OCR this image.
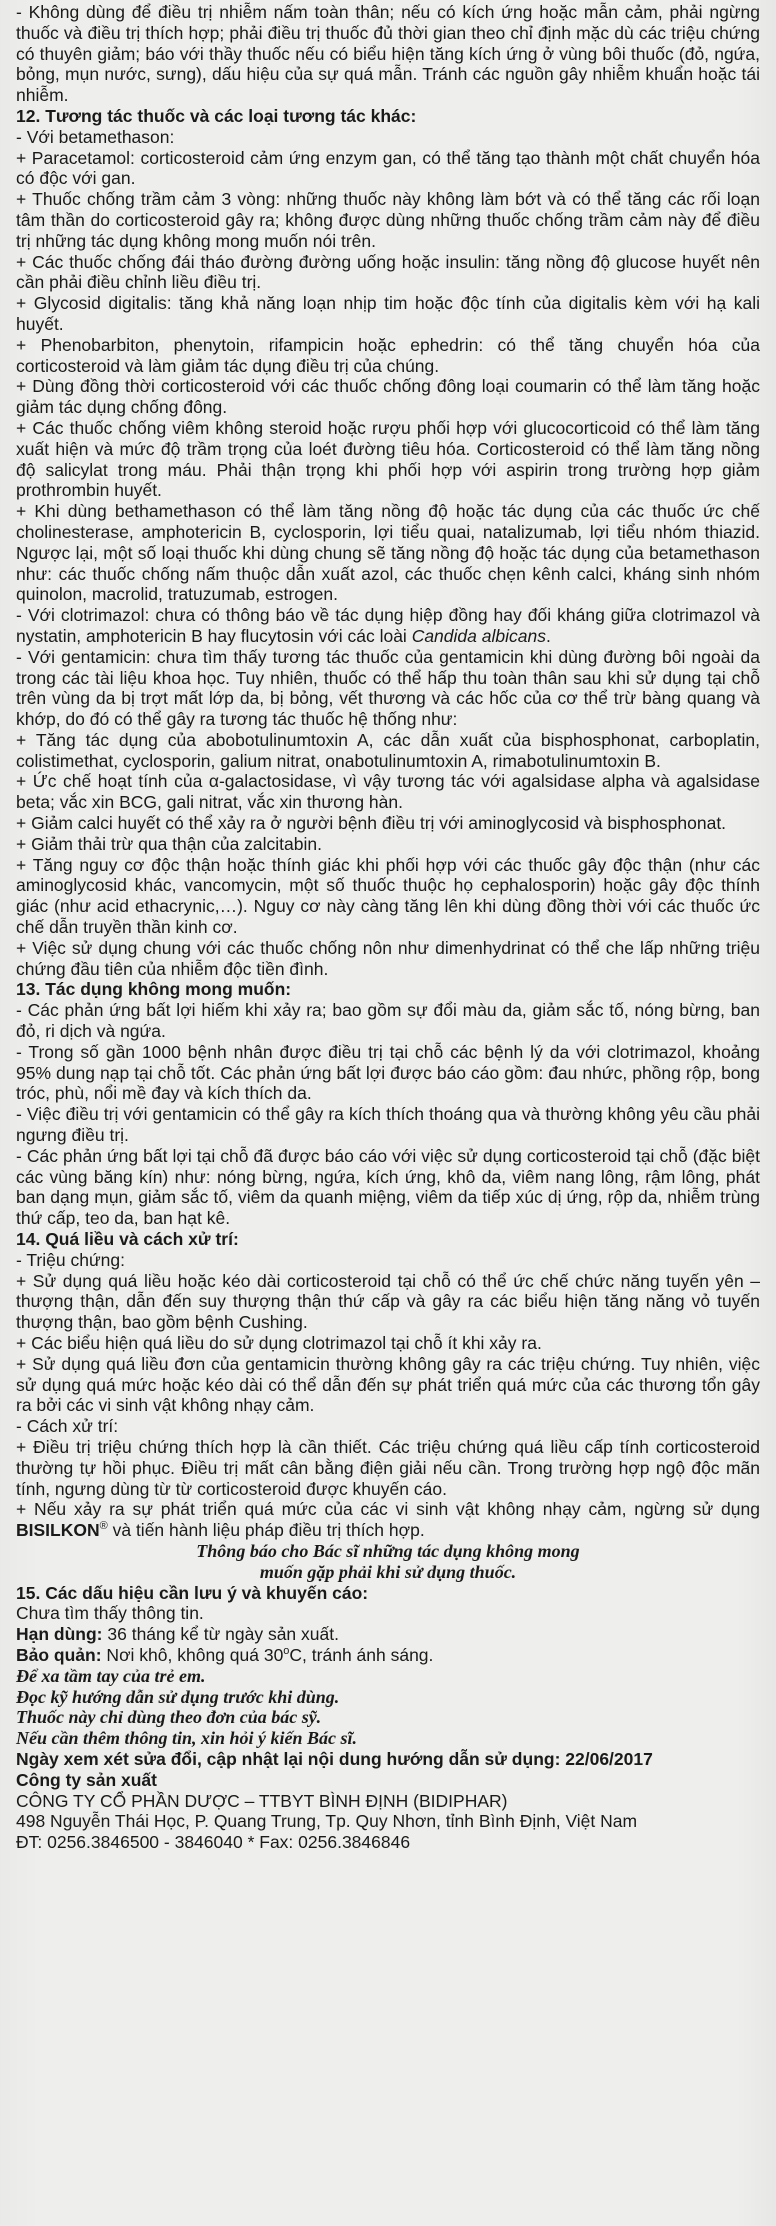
- Không dùng để điều trị nhiễm nấm toàn thân; nếu có kích ứng hoặc mẫn cảm, phải ngừng thuốc và điều trị thích hợp; phải điều trị thuốc đủ thời gian theo chỉ định mặc dù các triệu chứng có thuyên giảm; báo với thầy thuốc nếu có biểu hiện tăng kích ứng ở vùng bôi thuốc (đỏ, ngứa, bỏng, mụn nước, sưng), dấu hiệu của sự quá mẫn. Tránh các nguồn gây nhiễm khuẩn hoặc tái nhiễm.

12. Tương tác thuốc và các loại tương tác khác:

- Với betamethason:

+ Paracetamol: corticosteroid cảm ứng enzym gan, có thể tăng tạo thành một chất chuyển hóa có độc với gan.

+ Thuốc chống trầm cảm 3 vòng: những thuốc này không làm bớt và có thể tăng các rối loạn tâm thần do corticosteroid gây ra; không được dùng những thuốc chống trầm cảm này để điều trị những tác dụng không mong muốn nói trên.

+ Các thuốc chống đái tháo đường đường uống hoặc insulin: tăng nồng độ glucose huyết nên cần phải điều chỉnh liều điều trị.

+ Glycosid digitalis: tăng khả năng loạn nhịp tim hoặc độc tính của digitalis kèm với hạ kali huyết.

+ Phenobarbiton, phenytoin, rifampicin hoặc ephedrin: có thể tăng chuyển hóa của corticosteroid và làm giảm tác dụng điều trị của chúng.

+ Dùng đồng thời corticosteroid với các thuốc chống đông loại coumarin có thể làm tăng hoặc giảm tác dụng chống đông.

+ Các thuốc chống viêm không steroid hoặc rượu phối hợp với glucocorticoid có thể làm tăng xuất hiện và mức độ trầm trọng của loét đường tiêu hóa. Corticosteroid có thể làm tăng nồng độ salicylat trong máu. Phải thận trọng khi phối hợp với aspirin trong trường hợp giảm prothrombin huyết.

+ Khi dùng bethamethason có thể làm tăng nồng độ hoặc tác dụng của các thuốc ức chế cholinesterase, amphotericin B, cyclosporin, lợi tiểu quai, natalizumab, lợi tiểu nhóm thiazid. Ngược lại, một số loại thuốc khi dùng chung sẽ tăng nồng độ hoặc tác dụng của betamethason như: các thuốc chống nấm thuộc dẫn xuất azol, các thuốc chẹn kênh calci, kháng sinh nhóm quinolon, macrolid, tratuzumab, estrogen.

- Với clotrimazol: chưa có thông báo về tác dụng hiệp đồng hay đối kháng giữa clotrimazol và nystatin, amphotericin B hay flucytosin với các loài Candida albicans.

- Với gentamicin: chưa tìm thấy tương tác thuốc của gentamicin khi dùng đường bôi ngoài da trong các tài liệu khoa học. Tuy nhiên, thuốc có thể hấp thu toàn thân sau khi sử dụng tại chỗ trên vùng da bị trợt mất lớp da, bị bỏng, vết thương và các hốc của cơ thể trừ bàng quang và khớp, do đó có thể gây ra tương tác thuốc hệ thống như:

+ Tăng tác dụng của abobotulinumtoxin A, các dẫn xuất của bisphosphonat, carboplatin, colistimethat, cyclosporin, galium nitrat, onabotulinumtoxin A, rimabotulinumtoxin B.

+ Ức chế hoạt tính của α-galactosidase, vì vậy tương tác với agalsidase alpha và agalsidase beta; vắc xin BCG, gali nitrat, vắc xin thương hàn.

+ Giảm calci huyết có thể xảy ra ở người bệnh điều trị với aminoglycosid và bisphosphonat.

+ Giảm thải trừ qua thận của zalcitabin.

+ Tăng nguy cơ độc thận hoặc thính giác khi phối hợp với các thuốc gây độc thận (như các aminoglycosid khác, vancomycin, một số thuốc thuộc họ cephalosporin) hoặc gây độc thính giác (như acid ethacrynic,…). Nguy cơ này càng tăng lên khi dùng đồng thời với các thuốc ức chế dẫn truyền thần kinh cơ.

+ Việc sử dụng chung với các thuốc chống nôn như dimenhydrinat có thể che lấp những triệu chứng đầu tiên của nhiễm độc tiền đình.

13. Tác dụng không mong muốn:

- Các phản ứng bất lợi hiếm khi xảy ra; bao gồm sự đổi màu da, giảm sắc tố, nóng bừng, ban đỏ, ri dịch và ngứa.

- Trong số gần 1000 bệnh nhân được điều trị tại chỗ các bệnh lý da với clotrimazol, khoảng 95% dung nạp tại chỗ tốt. Các phản ứng bất lợi được báo cáo gồm: đau nhức, phồng rộp, bong tróc, phù, nổi mề đay và kích thích da.

- Việc điều trị với gentamicin có thể gây ra kích thích thoáng qua và thường không yêu cầu phải ngưng điều trị.

- Các phản ứng bất lợi tại chỗ đã được báo cáo với việc sử dụng corticosteroid tại chỗ (đặc biệt các vùng băng kín) như: nóng bừng, ngứa, kích ứng, khô da, viêm nang lông, rậm lông, phát ban dạng mụn, giảm sắc tố, viêm da quanh miệng, viêm da tiếp xúc dị ứng, rộp da, nhiễm trùng thứ cấp, teo da, ban hạt kê.

14. Quá liều và cách xử trí:

- Triệu chứng:

+ Sử dụng quá liều hoặc kéo dài corticosteroid tại chỗ có thể ức chế chức năng tuyến yên – thượng thận, dẫn đến suy thượng thận thứ cấp và gây ra các biểu hiện tăng năng vỏ tuyến thượng thận, bao gồm bệnh Cushing.

+ Các biểu hiện quá liều do sử dụng clotrimazol tại chỗ ít khi xảy ra.

+ Sử dụng quá liều đơn của gentamicin thường không gây ra các triệu chứng. Tuy nhiên, việc sử dụng quá mức hoặc kéo dài có thể dẫn đến sự phát triển quá mức của các thương tổn gây ra bởi các vi sinh vật không nhạy cảm.

- Cách xử trí:

+ Điều trị triệu chứng thích hợp là cần thiết. Các triệu chứng quá liều cấp tính corticosteroid thường tự hồi phục. Điều trị mất cân bằng điện giải nếu cần. Trong trường hợp ngộ độc mãn tính, ngưng dùng từ từ corticosteroid được khuyến cáo.

+ Nếu xảy ra sự phát triển quá mức của các vi sinh vật không nhạy cảm, ngừng sử dụng BISILKON® và tiến hành liệu pháp điều trị thích hợp.

Thông báo cho Bác sĩ những tác dụng không mong

muốn gặp phải khi sử dụng thuốc.

15. Các dấu hiệu cần lưu ý và khuyến cáo:

Chưa tìm thấy thông tin.

Hạn dùng: 36 tháng kể từ ngày sản xuất.

Bảo quản: Nơi khô, không quá 30$^o$C, tránh ánh sáng.

Để xa tầm tay của trẻ em.

Đọc kỹ hướng dẫn sử dụng trước khi dùng.

Thuốc này chỉ dùng theo đơn của bác sỹ.

Nếu cần thêm thông tin, xin hỏi ý kiến Bác sĩ.

Ngày xem xét sửa đổi, cập nhật lại nội dung hướng dẫn sử dụng: 22/06/2017

Công ty sản xuất

CÔNG TY CỔ PHẦN DƯỢC – TTBYT BÌNH ĐỊNH (BIDIPHAR)

498 Nguyễn Thái Học, P. Quang Trung, Tp. Quy Nhơn, tỉnh Bình Định, Việt Nam

ĐT: 0256.3846500 - 3846040 * Fax: 0256.3846846
